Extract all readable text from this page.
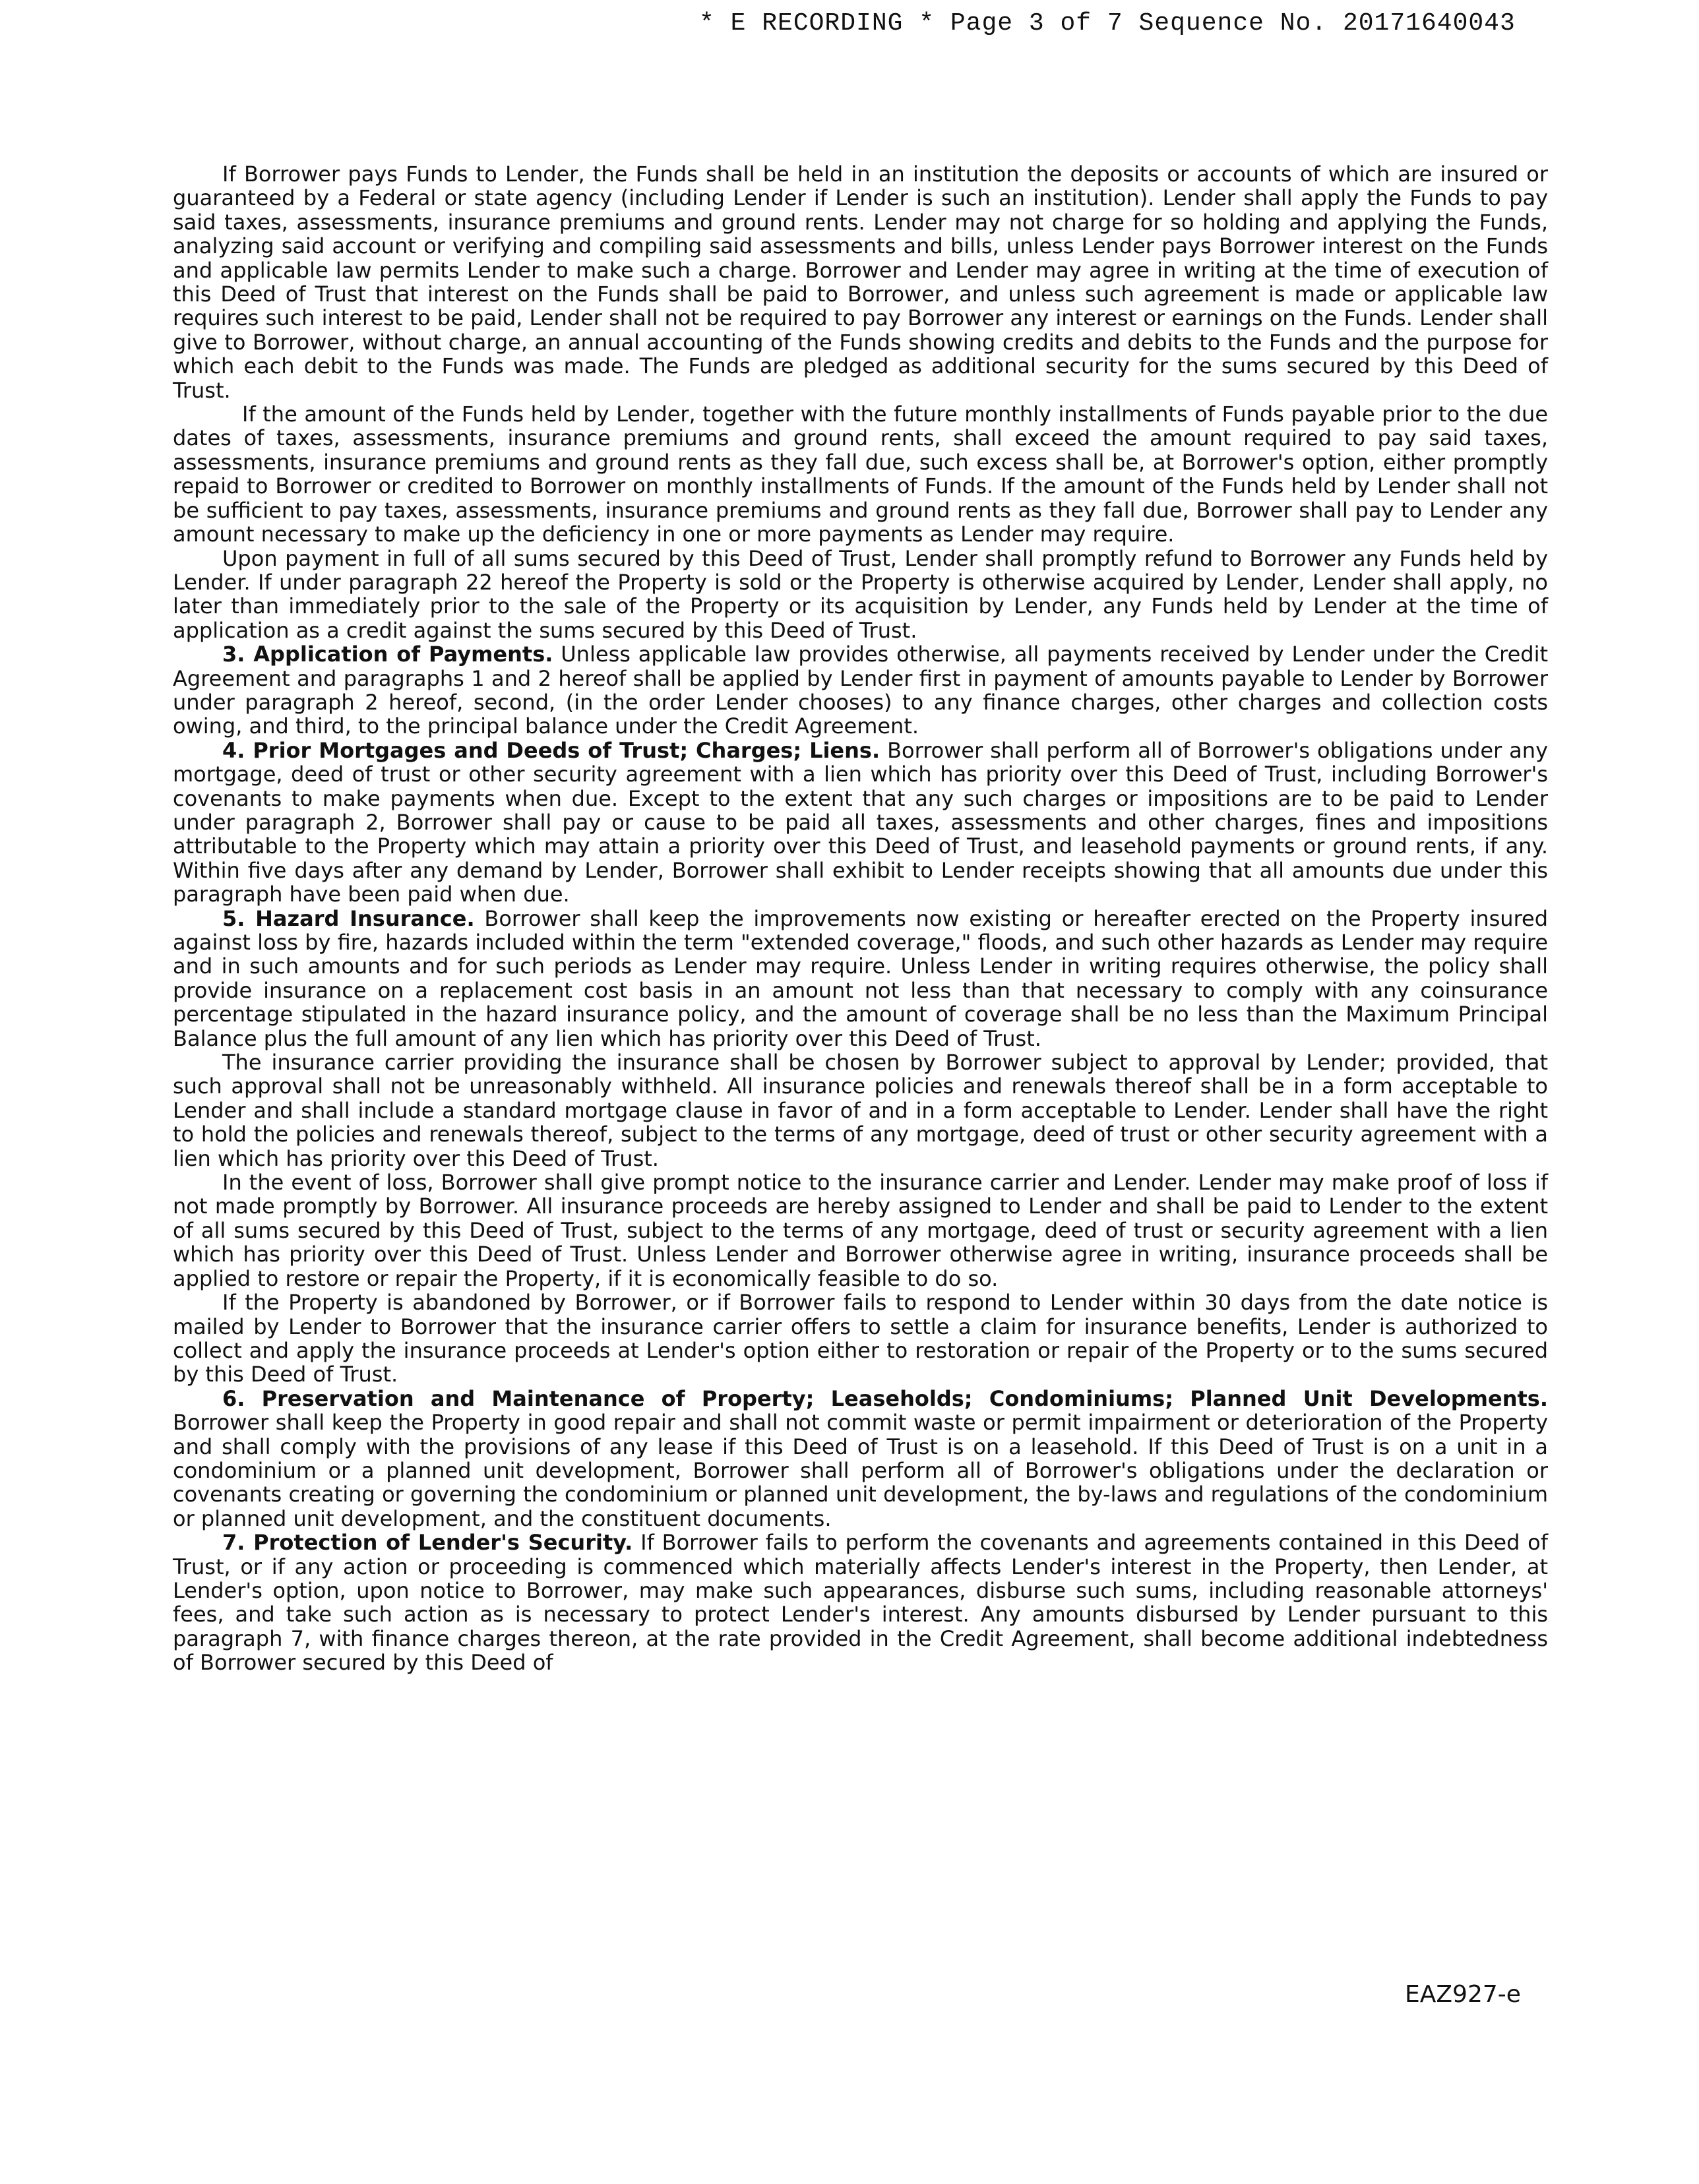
* E RECORDING * Page 3 of 7 Sequence No. 20171640043

If Borrower pays Funds to Lender, the Funds shall be held in an institution the deposits or accounts of which are insured or guaranteed by a Federal or state agency (including Lender if Lender is such an institution). Lender shall apply the Funds to pay said taxes, assessments, insurance premiums and ground rents. Lender may not charge for so holding and applying the Funds, analyzing said account or verifying and compiling said assessments and bills, unless Lender pays Borrower interest on the Funds and applicable law permits Lender to make such a charge. Borrower and Lender may agree in writing at the time of execution of this Deed of Trust that interest on the Funds shall be paid to Borrower, and unless such agreement is made or applicable law requires such interest to be paid, Lender shall not be required to pay Borrower any interest or earnings on the Funds. Lender shall give to Borrower, without charge, an annual accounting of the Funds showing credits and debits to the Funds and the purpose for which each debit to the Funds was made. The Funds are pledged as additional security for the sums secured by this Deed of Trust.

If the amount of the Funds held by Lender, together with the future monthly installments of Funds payable prior to the due dates of taxes, assessments, insurance premiums and ground rents, shall exceed the amount required to pay said taxes, assessments, insurance premiums and ground rents as they fall due, such excess shall be, at Borrower's option, either promptly repaid to Borrower or credited to Borrower on monthly installments of Funds. If the amount of the Funds held by Lender shall not be sufficient to pay taxes, assessments, insurance premiums and ground rents as they fall due, Borrower shall pay to Lender any amount necessary to make up the deficiency in one or more payments as Lender may require.

Upon payment in full of all sums secured by this Deed of Trust, Lender shall promptly refund to Borrower any Funds held by Lender. If under paragraph 22 hereof the Property is sold or the Property is otherwise acquired by Lender, Lender shall apply, no later than immediately prior to the sale of the Property or its acquisition by Lender, any Funds held by Lender at the time of application as a credit against the sums secured by this Deed of Trust.

3. Application of Payments. Unless applicable law provides otherwise, all payments received by Lender under the Credit Agreement and paragraphs 1 and 2 hereof shall be applied by Lender first in payment of amounts payable to Lender by Borrower under paragraph 2 hereof, second, (in the order Lender chooses) to any finance charges, other charges and collection costs owing, and third, to the principal balance under the Credit Agreement.

4. Prior Mortgages and Deeds of Trust; Charges; Liens. Borrower shall perform all of Borrower's obligations under any mortgage, deed of trust or other security agreement with a lien which has priority over this Deed of Trust, including Borrower's covenants to make payments when due. Except to the extent that any such charges or impositions are to be paid to Lender under paragraph 2, Borrower shall pay or cause to be paid all taxes, assessments and other charges, fines and impositions attributable to the Property which may attain a priority over this Deed of Trust, and leasehold payments or ground rents, if any. Within five days after any demand by Lender, Borrower shall exhibit to Lender receipts showing that all amounts due under this paragraph have been paid when due.

5. Hazard Insurance. Borrower shall keep the improvements now existing or hereafter erected on the Property insured against loss by fire, hazards included within the term "extended coverage," floods, and such other hazards as Lender may require and in such amounts and for such periods as Lender may require. Unless Lender in writing requires otherwise, the policy shall provide insurance on a replacement cost basis in an amount not less than that necessary to comply with any coinsurance percentage stipulated in the hazard insurance policy, and the amount of coverage shall be no less than the Maximum Principal Balance plus the full amount of any lien which has priority over this Deed of Trust.

The insurance carrier providing the insurance shall be chosen by Borrower subject to approval by Lender; provided, that such approval shall not be unreasonably withheld. All insurance policies and renewals thereof shall be in a form acceptable to Lender and shall include a standard mortgage clause in favor of and in a form acceptable to Lender. Lender shall have the right to hold the policies and renewals thereof, subject to the terms of any mortgage, deed of trust or other security agreement with a lien which has priority over this Deed of Trust.

In the event of loss, Borrower shall give prompt notice to the insurance carrier and Lender. Lender may make proof of loss if not made promptly by Borrower. All insurance proceeds are hereby assigned to Lender and shall be paid to Lender to the extent of all sums secured by this Deed of Trust, subject to the terms of any mortgage, deed of trust or security agreement with a lien which has priority over this Deed of Trust. Unless Lender and Borrower otherwise agree in writing, insurance proceeds shall be applied to restore or repair the Property, if it is economically feasible to do so.

If the Property is abandoned by Borrower, or if Borrower fails to respond to Lender within 30 days from the date notice is mailed by Lender to Borrower that the insurance carrier offers to settle a claim for insurance benefits, Lender is authorized to collect and apply the insurance proceeds at Lender's option either to restoration or repair of the Property or to the sums secured by this Deed of Trust.

6. Preservation and Maintenance of Property; Leaseholds; Condominiums; Planned Unit Developments. Borrower shall keep the Property in good repair and shall not commit waste or permit impairment or deterioration of the Property and shall comply with the provisions of any lease if this Deed of Trust is on a leasehold. If this Deed of Trust is on a unit in a condominium or a planned unit development, Borrower shall perform all of Borrower's obligations under the declaration or covenants creating or governing the condominium or planned unit development, the by-laws and regulations of the condominium or planned unit development, and the constituent documents.

7. Protection of Lender's Security. If Borrower fails to perform the covenants and agreements contained in this Deed of Trust, or if any action or proceeding is commenced which materially affects Lender's interest in the Property, then Lender, at Lender's option, upon notice to Borrower, may make such appearances, disburse such sums, including reasonable attorneys' fees, and take such action as is necessary to protect Lender's interest. Any amounts disbursed by Lender pursuant to this paragraph 7, with finance charges thereon, at the rate provided in the Credit Agreement, shall become additional indebtedness of Borrower secured by this Deed of

EAZ927-e
